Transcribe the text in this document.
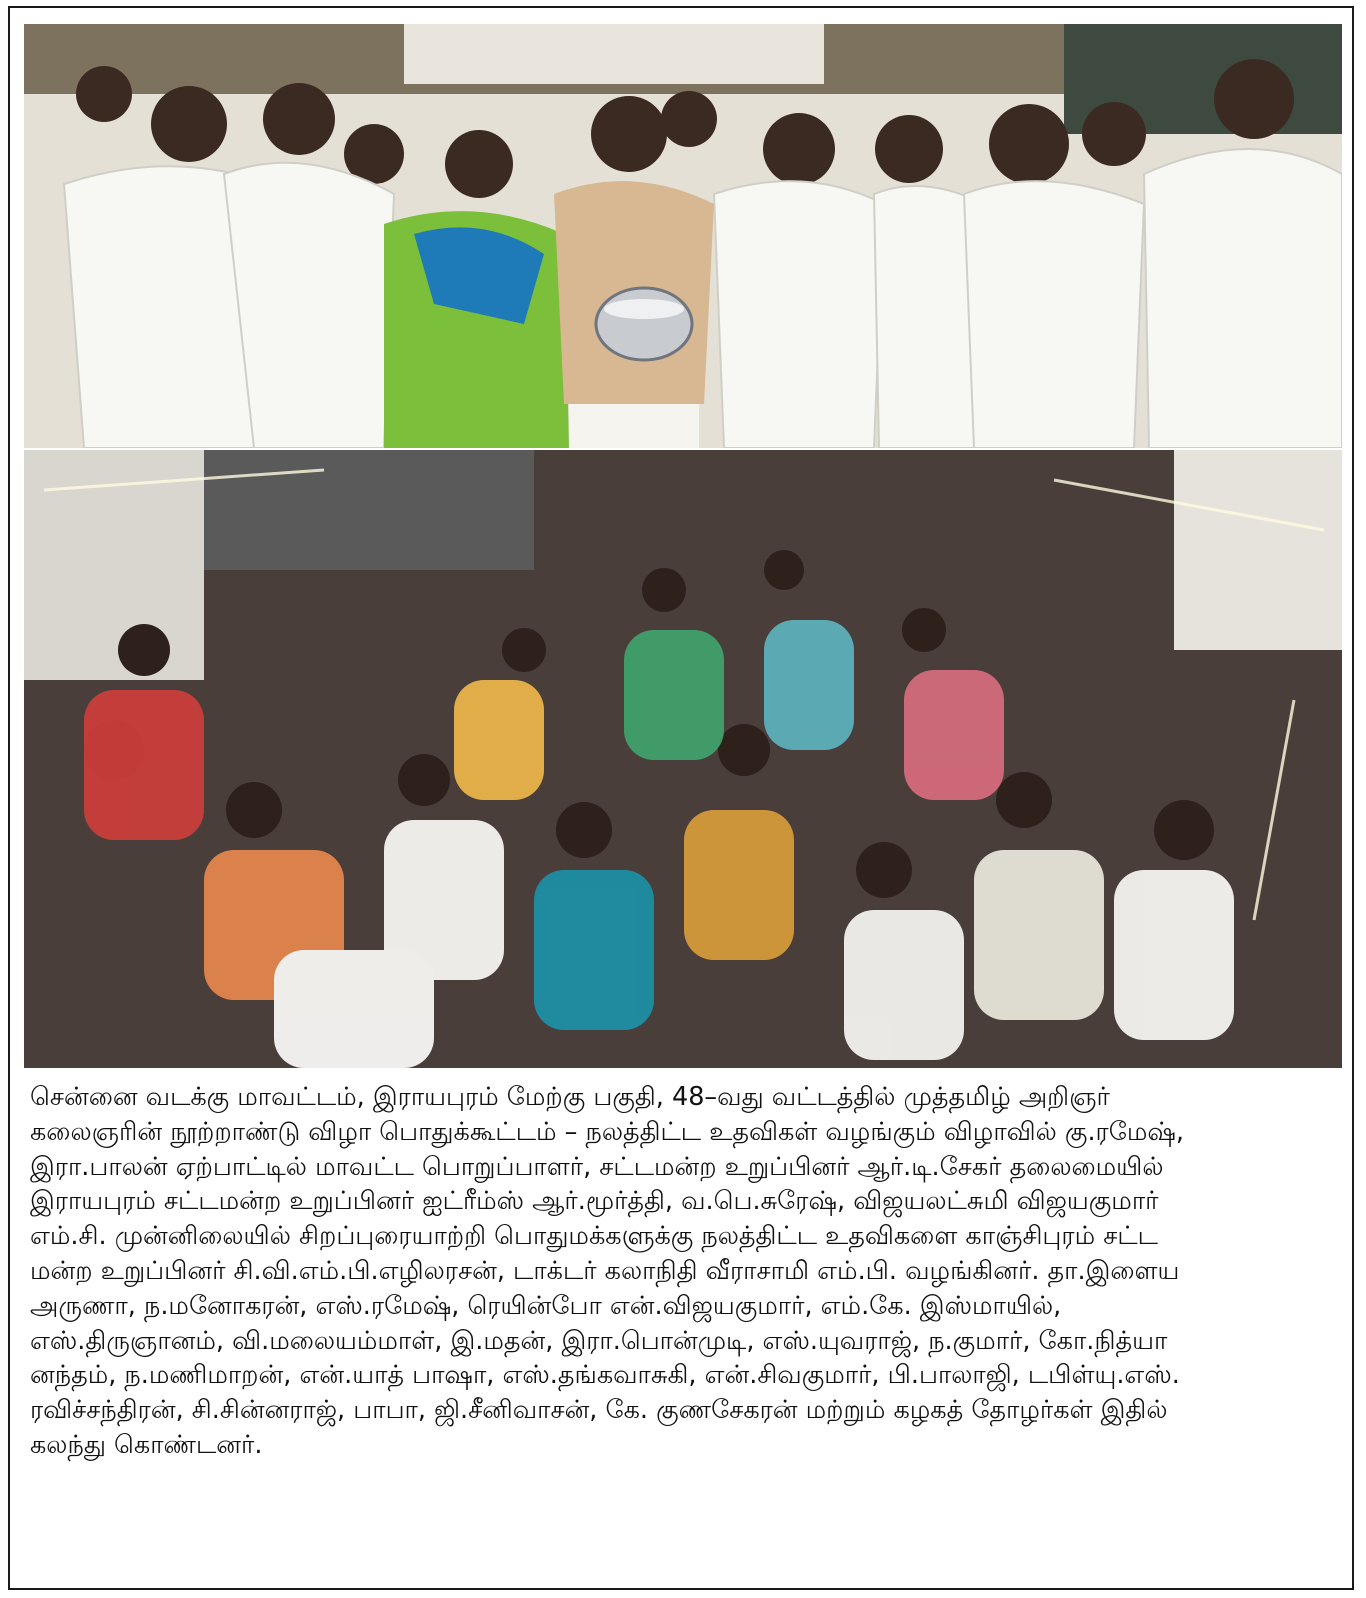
சென்னை வடக்கு மாவட்டம், இராயபுரம் மேற்கு பகுதி, 48–வது வட்டத்தில் முத்தமிழ் அறிஞர்
கலைஞரின் நூற்றாண்டு விழா பொதுக்கூட்டம் – நலத்திட்ட உதவிகள் வழங்கும் விழாவில் கு.ரமேஷ்,
இரா.பாலன் ஏற்பாட்டில் மாவட்ட பொறுப்பாளர், சட்டமன்ற உறுப்பினர் ஆர்.டி.சேகர் தலைமையில்
இராயபுரம் சட்டமன்ற உறுப்பினர் ஐட்ரீம்ஸ் ஆர்.மூர்த்தி, வ.பெ.சுரேஷ், விஜயலட்சுமி விஜயகுமார்
எம்.சி. முன்னிலையில் சிறப்புரையாற்றி பொதுமக்களுக்கு நலத்திட்ட உதவிகளை காஞ்சிபுரம் சட்ட
மன்ற உறுப்பினர் சி.வி.எம்.பி.எழிலரசன், டாக்டர் கலாநிதி வீராசாமி எம்.பி. வழங்கினர். தா.இளைய
அருணா, ந.மனோகரன், எஸ்.ரமேஷ், ரெயின்போ என்.விஜயகுமார், எம்.கே. இஸ்மாயில்,
எஸ்.திருஞானம், வி.மலையம்மாள், இ.மதன், இரா.பொன்முடி, எஸ்.யுவராஜ், ந.குமார், கோ.நித்யா
னந்தம், ந.மணிமாறன், என்.யாத் பாஷா, எஸ்.தங்கவாசுகி, என்.சிவகுமார், பி.பாலாஜி, டபிள்யு.எஸ்.
ரவிச்சந்திரன், சி.சின்னராஜ், பாபா, ஜி.சீனிவாசன், கே. குணசேகரன் மற்றும் கழகத் தோழர்கள் இதில்
கலந்து கொண்டனர்.
